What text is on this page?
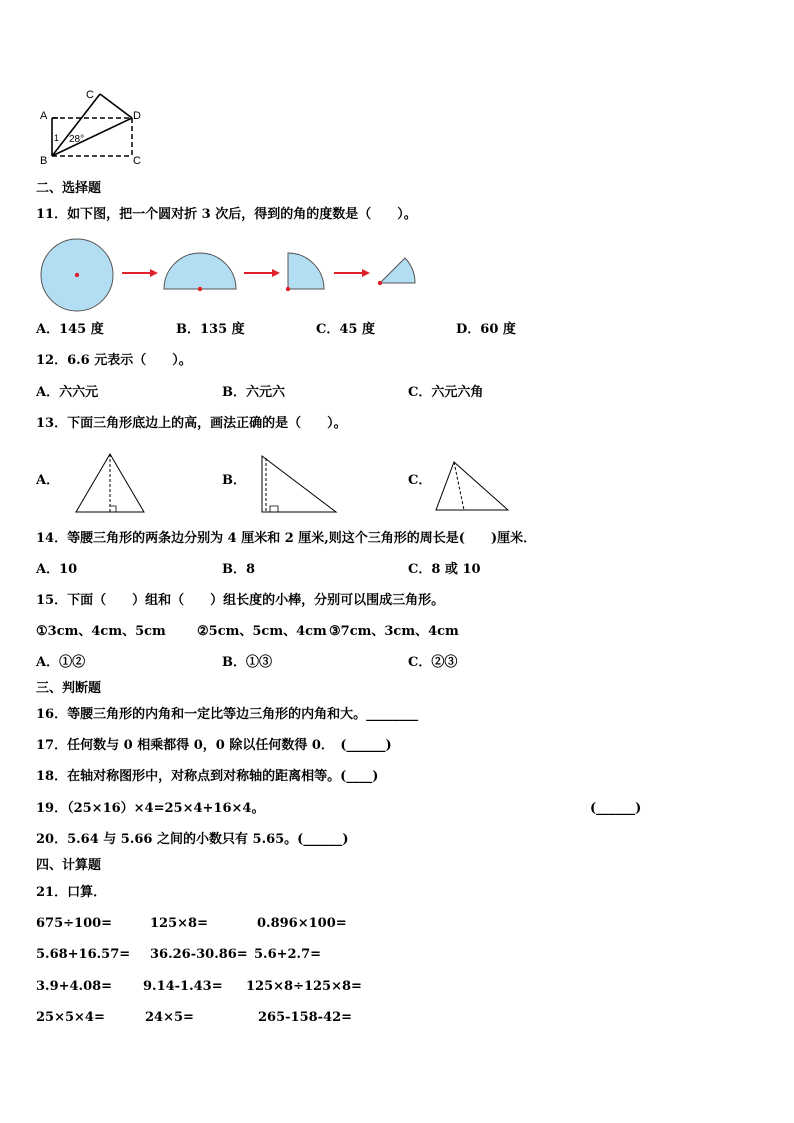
A
C
D
1 28°
B	C
二、选择题
11．如下图，把一个圆对折 3 次后，得到的角的度数是（　　）。
A．145 度	B．135 度	C．45 度	D．60 度
12．6.6 元表示（　　）。
A．六六元	B．六元六	C．六元六角
13．下面三角形底边上的高，画法正确的是（　　）。
A．	B．	C．
14．等腰三角形的两条边分别为 4 厘米和 2 厘米,则这个三角形的周长是(　　)厘米．
A．10	B．8	C．8 或 10
15．下面（　　）组和（　　）组长度的小棒，分别可以围成三角形。
①3cm、4cm、5cm ②5cm、5cm、4cm ③7cm、3cm、4cm
A．①②	B．①③	C．②③
三、判断题
16．等腰三角形的内角和一定比等边三角形的内角和大。________
17．任何数与 0 相乘都得 0，0 除以任何数得 0．　(______)
18．在轴对称图形中，对称点到对称轴的距离相等。(____)
19．（25×16）×4=25×4+16×4。	(______)
20．5.64 与 5.66 之间的小数只有 5.65。(______)
四、计算题
21．口算．
675÷100=	125×8=	0.896×100=
5.68+16.57= 36.26-30.86= 5.6+2.7=
3.9+4.08= 9.14-1.43= 125×8÷125×8=
25×5×4=	24×5=	265-158-42=
